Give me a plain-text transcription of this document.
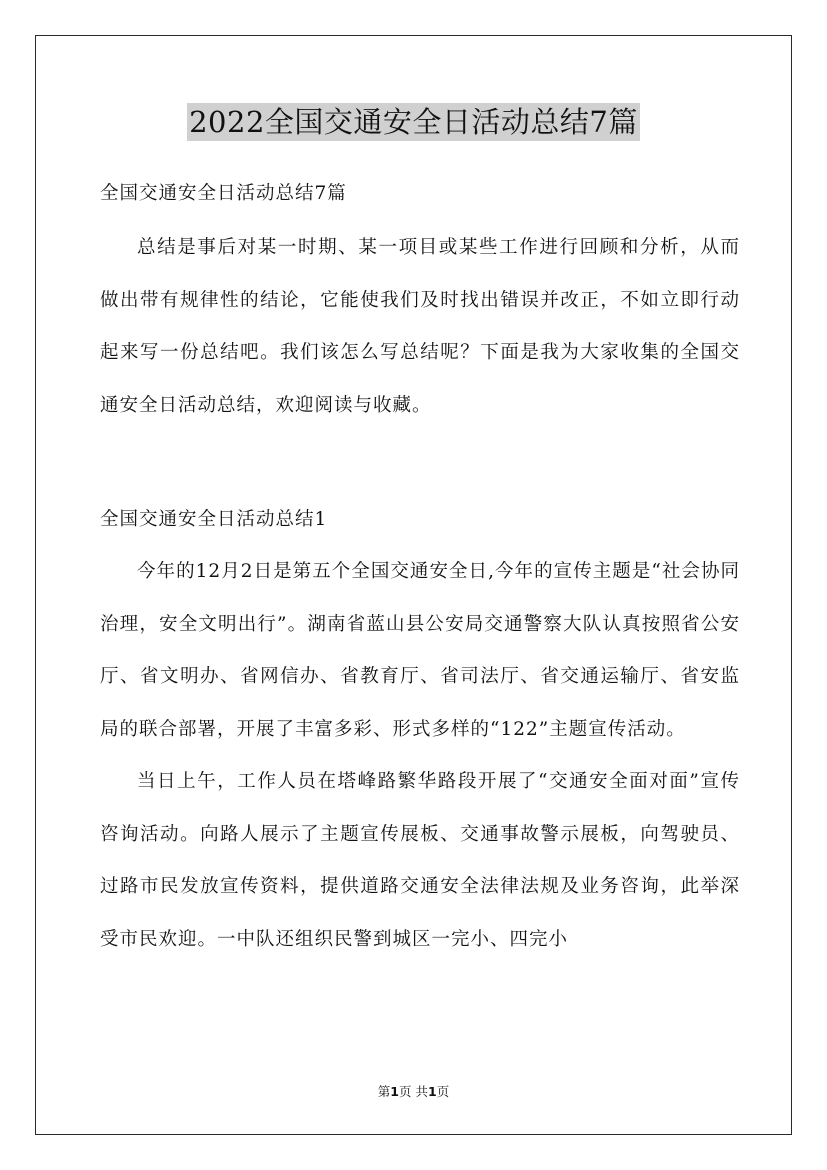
2022全国交通安全日活动总结7篇
全国交通安全日活动总结7篇

总结是事后对某一时期、某一项目或某些工作进行回顾和分析，从而做出带有规律性的结论，它能使我们及时找出错误并改正，不如立即行动起来写一份总结吧。我们该怎么写总结呢？下面是我为大家收集的全国交通安全日活动总结，欢迎阅读与收藏。

全国交通安全日活动总结1

今年的12月2日是第五个全国交通安全日,今年的宣传主题是“社会协同治理，安全文明出行”。湖南省蓝山县公安局交通警察大队认真按照省公安厅、省文明办、省网信办、省教育厅、省司法厅、省交通运输厅、省安监局的联合部署，开展了丰富多彩、形式多样的“122”主题宣传活动。

当日上午，工作人员在塔峰路繁华路段开展了“交通安全面对面”宣传咨询活动。向路人展示了主题宣传展板、交通事故警示展板，向驾驶员、过路市民发放宣传资料，提供道路交通安全法律法规及业务咨询，此举深受市民欢迎。一中队还组织民警到城区一完小、四完小

第1页 共1页
